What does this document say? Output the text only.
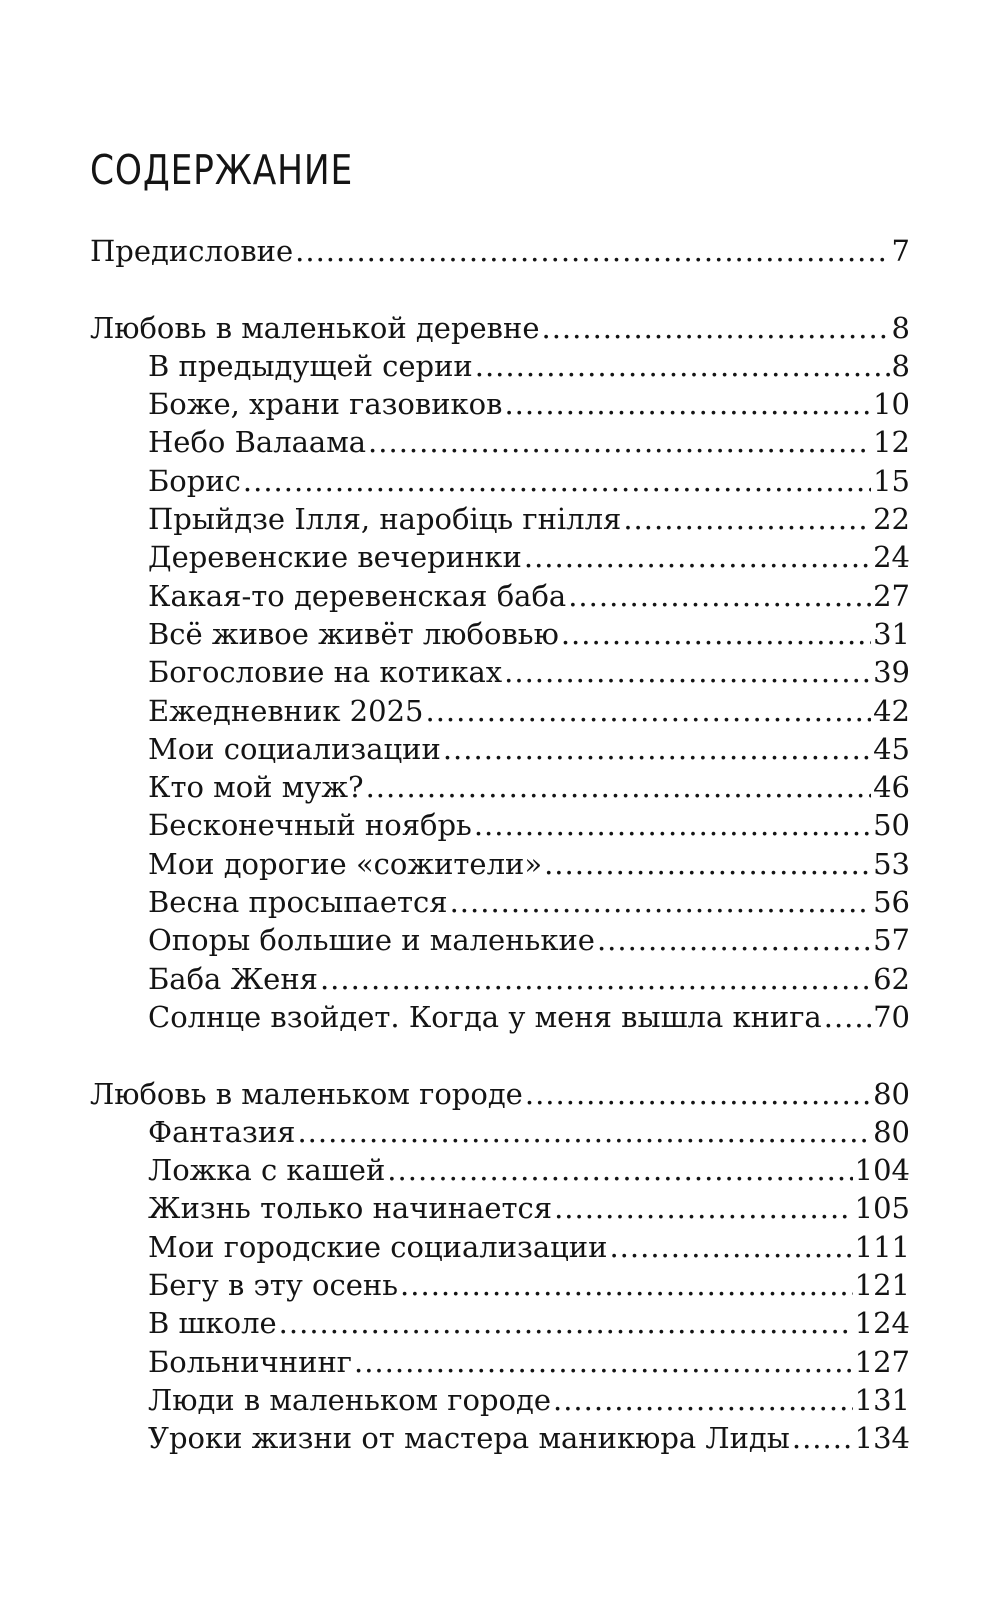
СОДЕРЖАНИЕ
Предисловие .....	7
Любовь в маленькой деревне .....	8
В предыдущей серии .....	8
Боже, храни газовиков .....	10
Небо Валаама .....	12
Борис .....	15
Прыйдзе Ілля, наробіць гнілля .....	22
Деревенские вечеринки .....	24
Какая-то деревенская баба .....	27
Всё живое живёт любовью .....	31
Богословие на котиках .....	39
Ежедневник 2025 .....	42
Мои социализации .....	45
Кто мой муж? .....	46
Бесконечный ноябрь .....	50
Мои дорогие «сожители» .....	53
Весна просыпается .....	56
Опоры большие и маленькие .....	57
Баба Женя .....	62
Солнце взойдет. Когда у меня вышла книга ..... 70
Любовь в маленьком городе .....	80
Фантазия .....	80
Ложка с кашей .....	104
Жизнь только начинается .....	105
Мои городские социализации .....	111
Бегу в эту осень .....	121
В школе .....	124
Больничнинг .....	127
Люди в маленьком городе .....	131
Уроки жизни от мастера маникюра Лиды ..... 134
